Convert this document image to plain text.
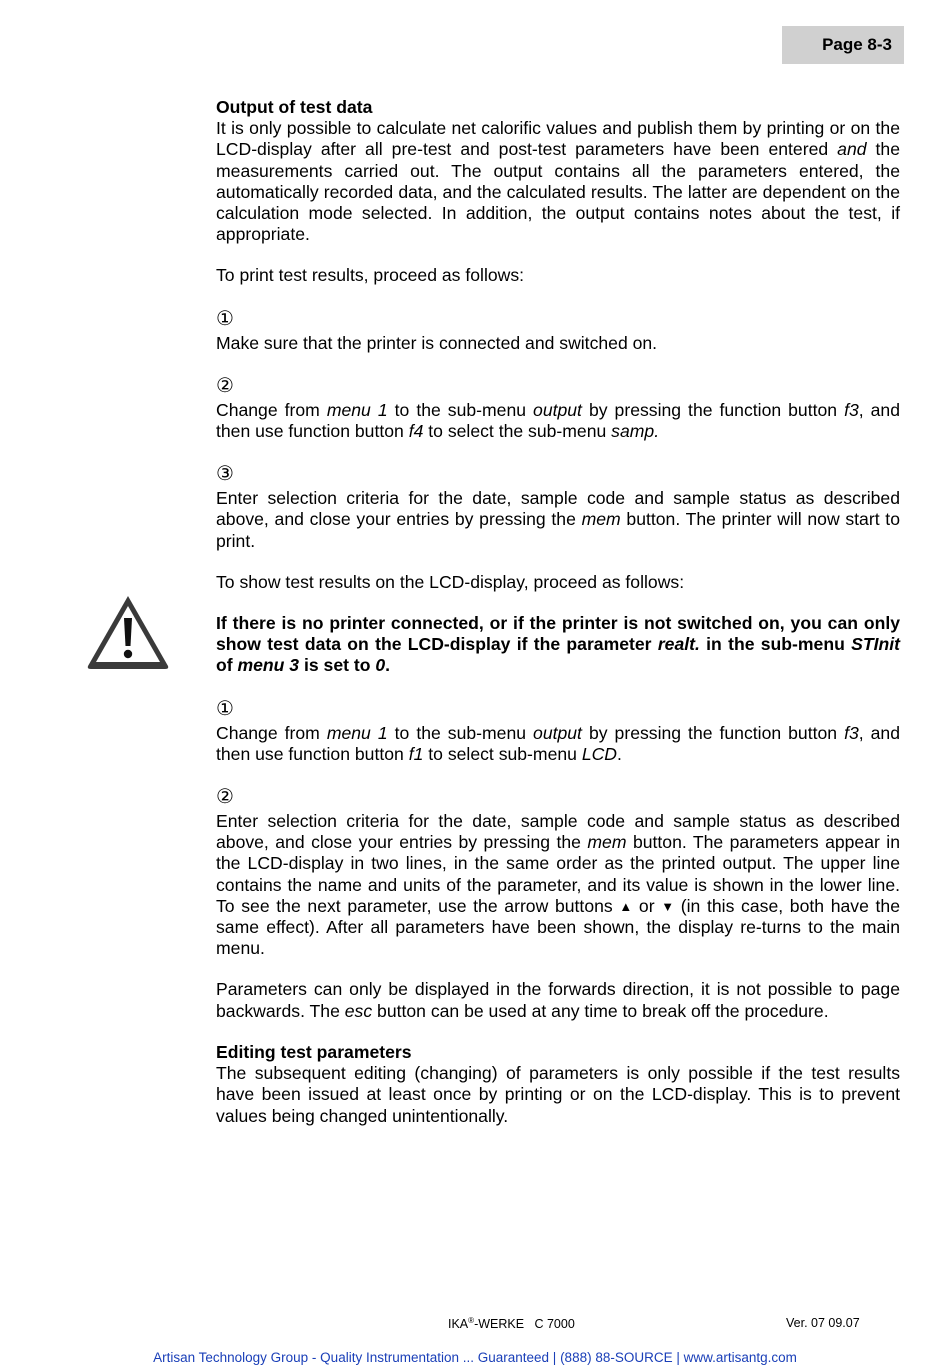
Page 8-3

Output of test data

It is only possible to calculate net calorific values and publish them by printing or on the LCD-display after all pre-test and post-test parameters have been entered and the measurements carried out. The output contains all the parameters entered, the automatically recorded data, and the calculated results. The latter are dependent on the calculation mode selected. In addition, the output contains notes about the test, if appropriate.

To print test results, proceed as follows:

①

Make sure that the printer is connected and switched on.

②

Change from menu 1 to the sub-menu output by pressing the function button f3, and then use function button f4 to select the sub-menu samp.

③

Enter selection criteria for the date, sample code and sample status as described above, and close your entries by pressing the mem button. The printer will now start to print.

To show test results on the LCD-display, proceed as follows:

If there is no printer connected, or if the printer is not switched on, you can only show test data on the LCD-display if the parameter realt. in the sub-menu STInit of menu 3 is set to 0.

①

Change from menu 1 to the sub-menu output by pressing the function button f3, and then use function button f1 to select sub-menu LCD.

②

Enter selection criteria for the date, sample code and sample status as described above, and close your entries by pressing the mem button. The parameters appear in the LCD-display in two lines, in the same order as the printed output. The upper line contains the name and units of the parameter, and its value is shown in the lower line. To see the next parameter, use the arrow buttons ▲ or ▼ (in this case, both have the same effect). After all parameters have been shown, the display re-turns to the main menu.

Parameters can only be displayed in the forwards direction, it is not possible to page backwards. The esc button can be used at any time to break off the procedure.

Editing test parameters

The subsequent editing (changing) of parameters is only possible if the test results have been issued at least once by printing or on the LCD-display. This is to prevent values being changed unintentionally.

IKA®-WERKE   C 7000	Ver. 07 09.07
Artisan Technology Group - Quality Instrumentation ... Guaranteed | (888) 88-SOURCE | www.artisantg.com
